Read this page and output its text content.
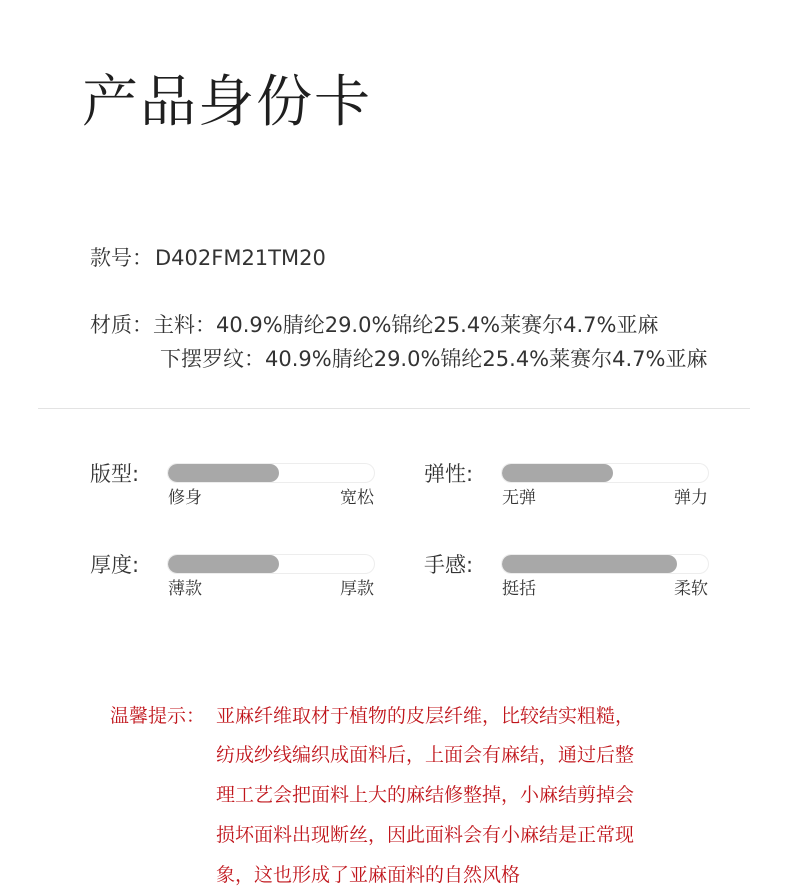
产品身份卡
款号：D402FM21TM20
材质：主料：40.9%腈纶29.0%锦纶25.4%莱赛尔4.7%亚麻
下摆罗纹：40.9%腈纶29.0%锦纶25.4%莱赛尔4.7%亚麻
版型:
修身	宽松
弹性:
无弹	弹力
厚度:
薄款	厚款
手感:
挺括	柔软
温馨提示： 亚麻纤维取材于植物的皮层纤维，比较结实粗糙，
纺成纱线编织成面料后，上面会有麻结，通过后整
理工艺会把面料上大的麻结修整掉，小麻结剪掉会
损坏面料出现断丝，因此面料会有小麻结是正常现
象，这也形成了亚麻面料的自然风格
